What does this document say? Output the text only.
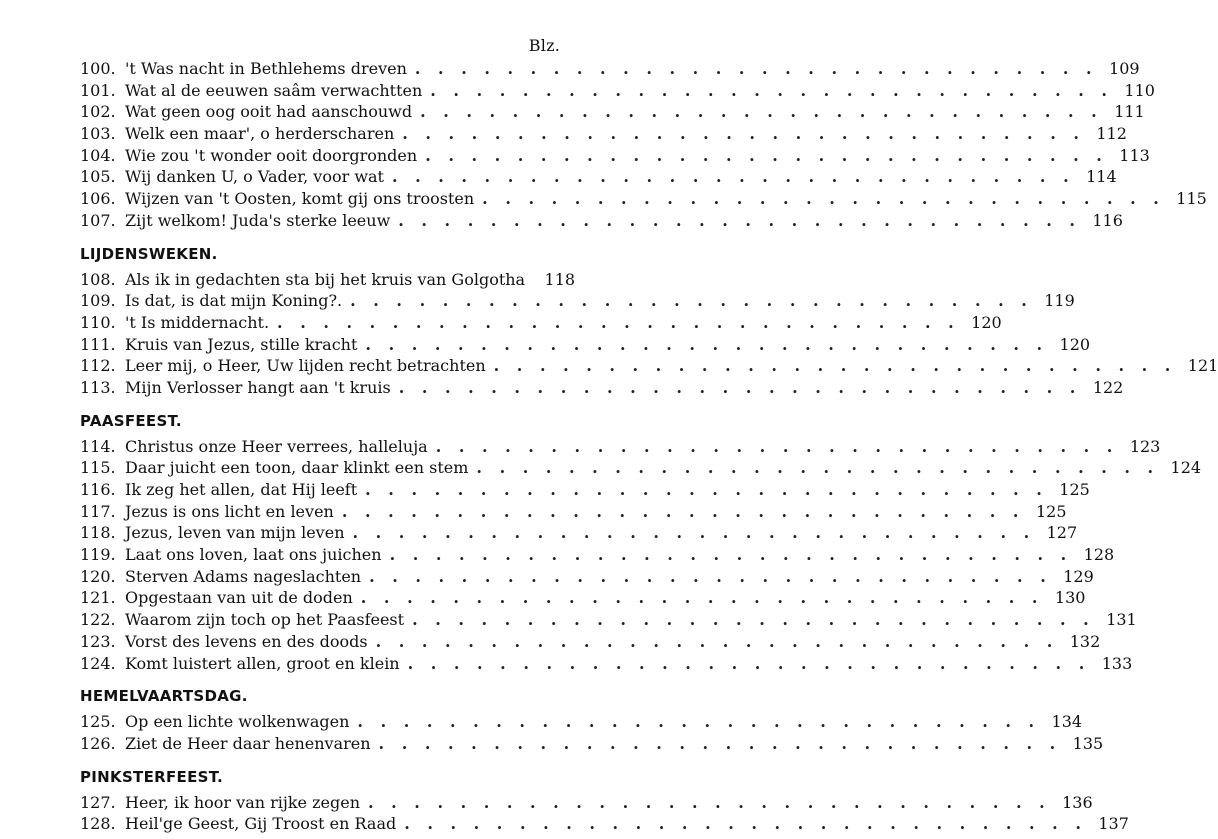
Blz.
100. 't Was nacht in Bethlehems dreven . . . . . . . . . . . . . . . . . . . . . . . . . . . . . . 109
101. Wat al de eeuwen saâm verwachtten . . . . . . . . . . . . . . . . . . . . . . . . . . . . . . 110
102. Wat geen oog ooit had aanschouwd . . . . . . . . . . . . . . . . . . . . . . . . . . . . . . 111
103. Welk een maar', o herderscharen . . . . . . . . . . . . . . . . . . . . . . . . . . . . . . 112
104. Wie zou 't wonder ooit doorgronden . . . . . . . . . . . . . . . . . . . . . . . . . . . . . . 113
105. Wij danken U, o Vader, voor wat . . . . . . . . . . . . . . . . . . . . . . . . . . . . . . 114
106. Wijzen van 't Oosten, komt gij ons troosten . . . . . . . . . . . . . . . . . . . . . . . . . . . . . . 115
107. Zijt welkom! Juda's sterke leeuw . . . . . . . . . . . . . . . . . . . . . . . . . . . . . . 116
LIJDENSWEKEN.
108. Als ik in gedachten sta bij het kruis van Golgotha 118
109. Is dat, is dat mijn Koning?. . . . . . . . . . . . . . . . . . . . . . . . . . . . . . . 119
110. 't Is middernacht. . . . . . . . . . . . . . . . . . . . . . . . . . . . . . . 120
111. Kruis van Jezus, stille kracht . . . . . . . . . . . . . . . . . . . . . . . . . . . . . . 120
112. Leer mij, o Heer, Uw lijden recht betrachten . . . . . . . . . . . . . . . . . . . . . . . . . . . . . . 121
113. Mijn Verlosser hangt aan 't kruis . . . . . . . . . . . . . . . . . . . . . . . . . . . . . . 122
PAASFEEST.
114. Christus onze Heer verrees, halleluja . . . . . . . . . . . . . . . . . . . . . . . . . . . . . . 123
115. Daar juicht een toon, daar klinkt een stem . . . . . . . . . . . . . . . . . . . . . . . . . . . . . . 124
116. Ik zeg het allen, dat Hij leeft . . . . . . . . . . . . . . . . . . . . . . . . . . . . . . 125
117. Jezus is ons licht en leven . . . . . . . . . . . . . . . . . . . . . . . . . . . . . . 125
118. Jezus, leven van mijn leven . . . . . . . . . . . . . . . . . . . . . . . . . . . . . . 127
119. Laat ons loven, laat ons juichen . . . . . . . . . . . . . . . . . . . . . . . . . . . . . . 128
120. Sterven Adams nageslachten . . . . . . . . . . . . . . . . . . . . . . . . . . . . . . 129
121. Opgestaan van uit de doden . . . . . . . . . . . . . . . . . . . . . . . . . . . . . . 130
122. Waarom zijn toch op het Paasfeest . . . . . . . . . . . . . . . . . . . . . . . . . . . . . . 131
123. Vorst des levens en des doods . . . . . . . . . . . . . . . . . . . . . . . . . . . . . . 132
124. Komt luistert allen, groot en klein . . . . . . . . . . . . . . . . . . . . . . . . . . . . . . 133
HEMELVAARTSDAG.
125. Op een lichte wolkenwagen . . . . . . . . . . . . . . . . . . . . . . . . . . . . . . 134
126. Ziet de Heer daar henenvaren . . . . . . . . . . . . . . . . . . . . . . . . . . . . . . 135
PINKSTERFEEST.
127. Heer, ik hoor van rijke zegen . . . . . . . . . . . . . . . . . . . . . . . . . . . . . . 136
128. Heil'ge Geest, Gij Troost en Raad . . . . . . . . . . . . . . . . . . . . . . . . . . . . . . 137
